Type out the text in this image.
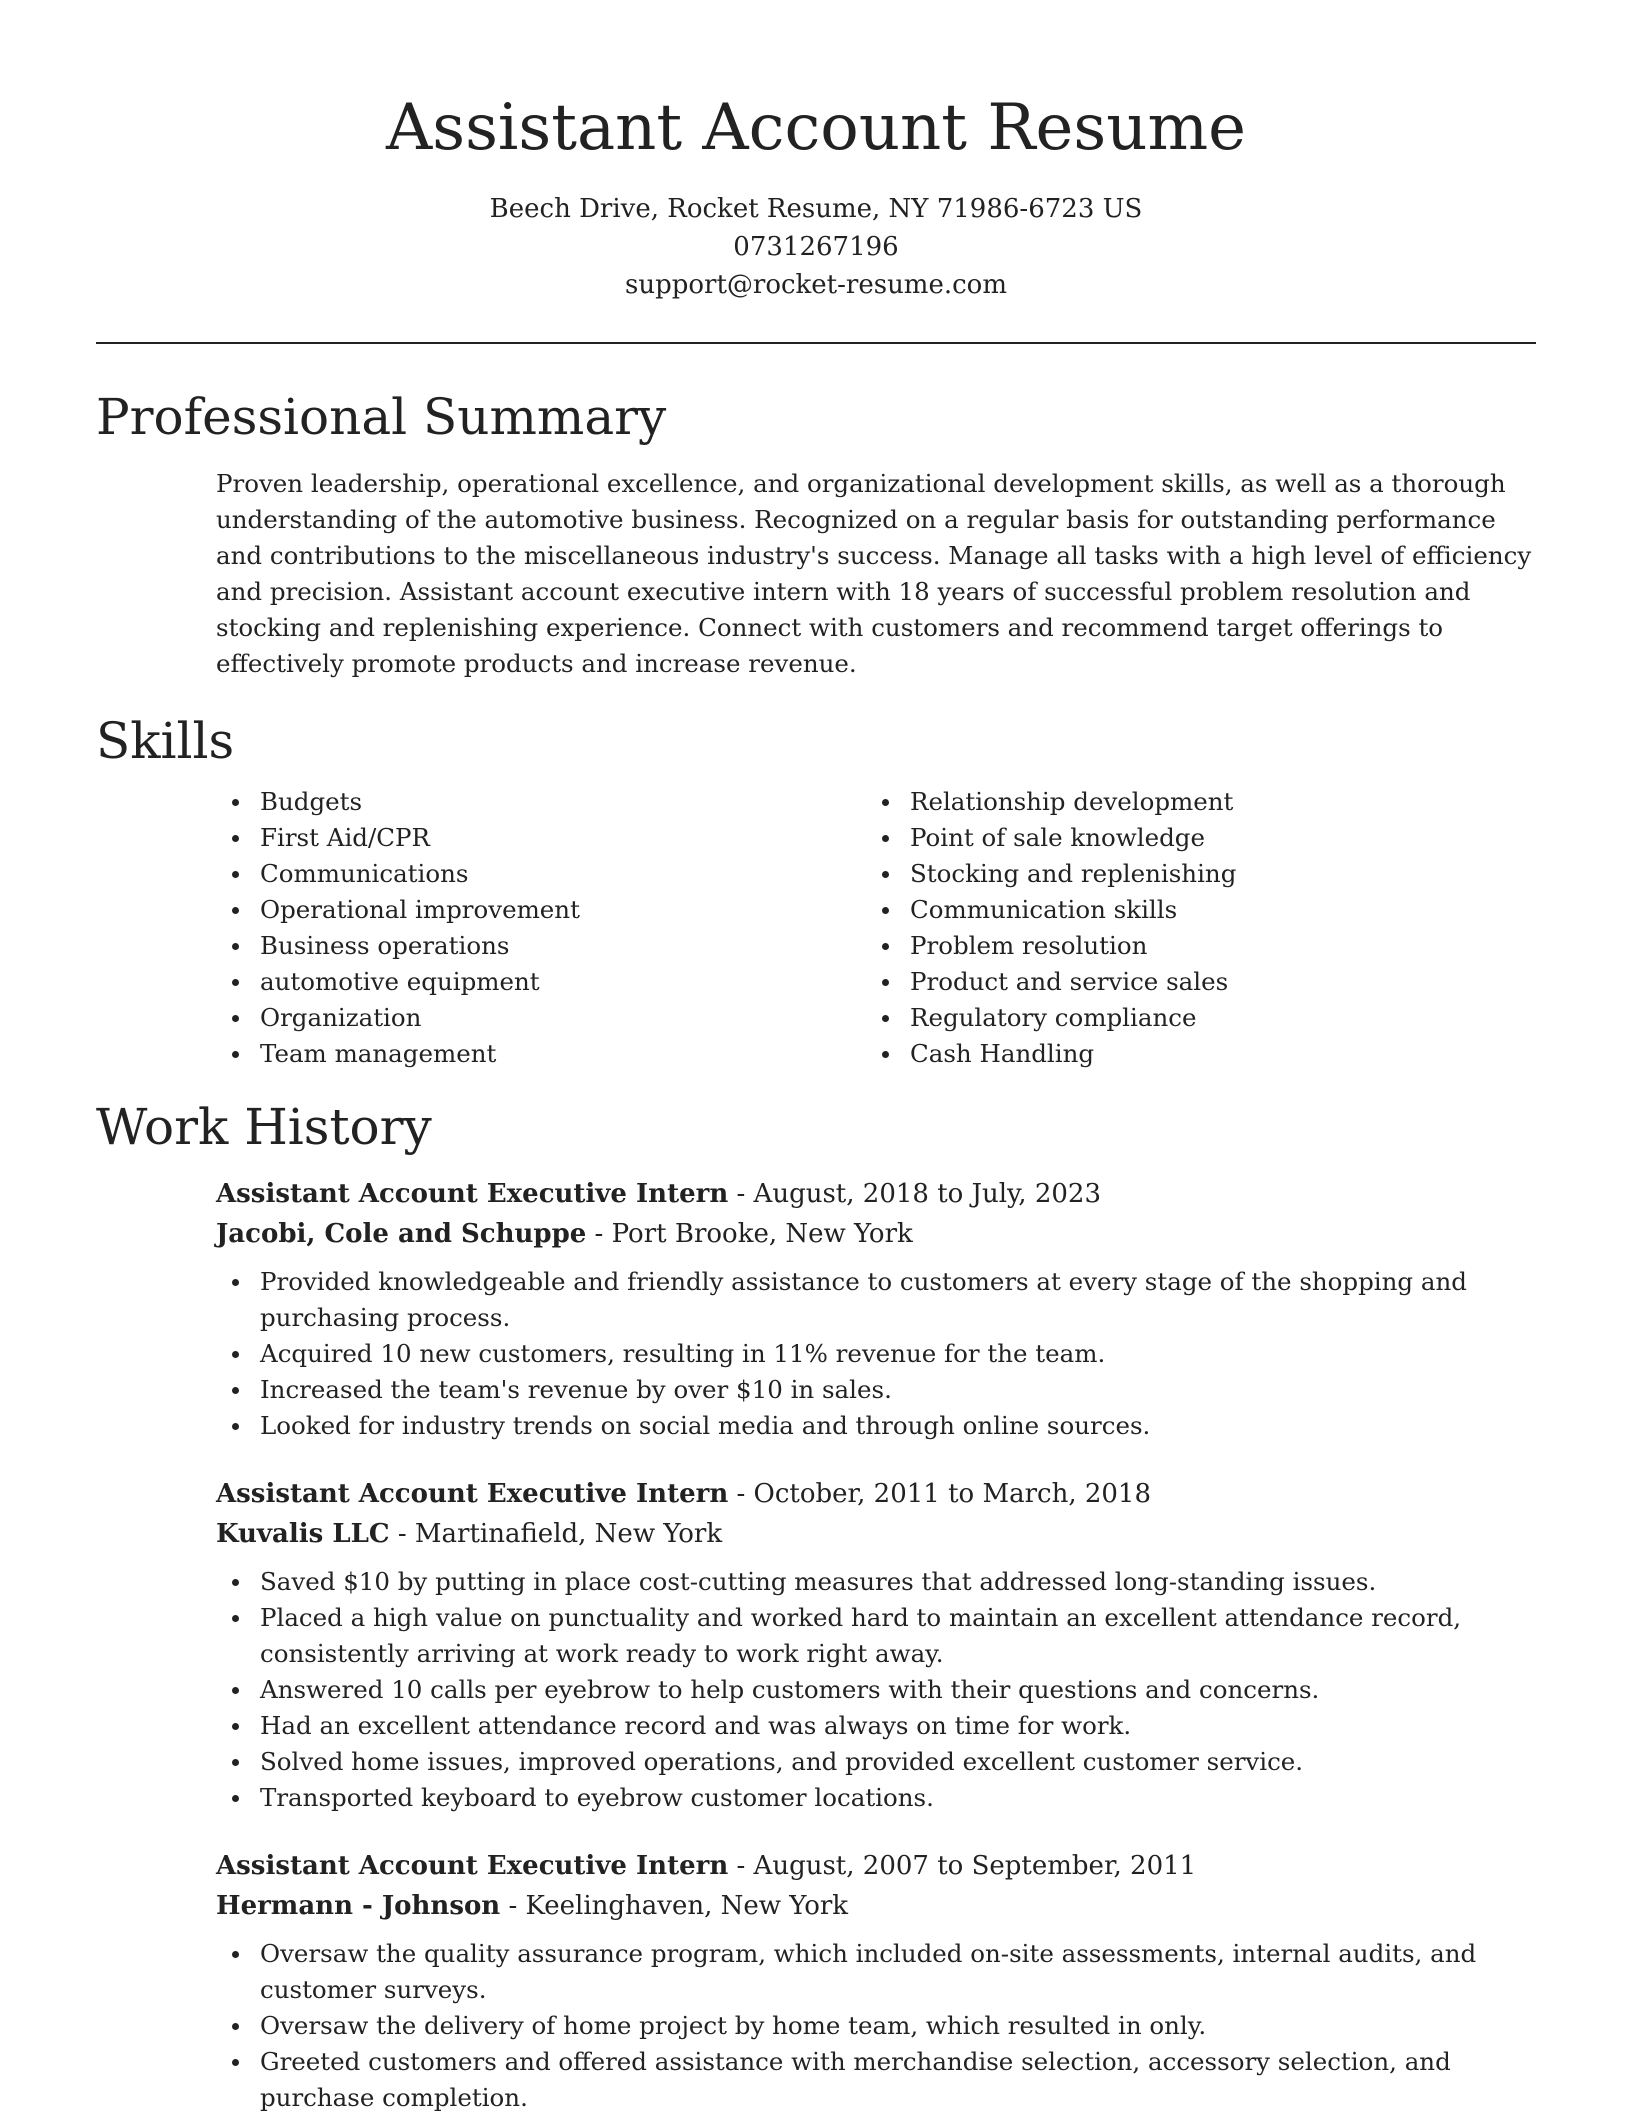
Assistant Account Resume
Beech Drive, Rocket Resume, NY 71986-6723 US
0731267196
support@rocket-resume.com
Professional Summary

Proven leadership, operational excellence, and organizational development skills, as well as a thorough understanding of the automotive business. Recognized on a regular basis for outstanding performance and contributions to the miscellaneous industry's success. Manage all tasks with a high level of efficiency and precision. Assistant account executive intern with 18 years of successful problem resolution and stocking and replenishing experience. Connect with customers and recommend target offerings to effectively promote products and increase revenue.

Skills
Budgets
First Aid/CPR
Communications
Operational improvement
Business operations
automotive equipment
Organization
Team management
Relationship development
Point of sale knowledge
Stocking and replenishing
Communication skills
Problem resolution
Product and service sales
Regulatory compliance
Cash Handling
Work History
Assistant Account Executive Intern - August, 2018 to July, 2023
Jacobi, Cole and Schuppe - Port Brooke, New York
Provided knowledgeable and friendly assistance to customers at every stage of the shopping and purchasing process.
Acquired 10 new customers, resulting in 11% revenue for the team.
Increased the team's revenue by over $10 in sales.
Looked for industry trends on social media and through online sources.
Assistant Account Executive Intern - October, 2011 to March, 2018
Kuvalis LLC - Martinafield, New York
Saved $10 by putting in place cost-cutting measures that addressed long-standing issues.
Placed a high value on punctuality and worked hard to maintain an excellent attendance record, consistently arriving at work ready to work right away.
Answered 10 calls per eyebrow to help customers with their questions and concerns.
Had an excellent attendance record and was always on time for work.
Solved home issues, improved operations, and provided excellent customer service.
Transported keyboard to eyebrow customer locations.
Assistant Account Executive Intern - August, 2007 to September, 2011
Hermann - Johnson - Keelinghaven, New York
Oversaw the quality assurance program, which included on-site assessments, internal audits, and customer surveys.
Oversaw the delivery of home project by home team, which resulted in only.
Greeted customers and offered assistance with merchandise selection, accessory selection, and purchase completion.
